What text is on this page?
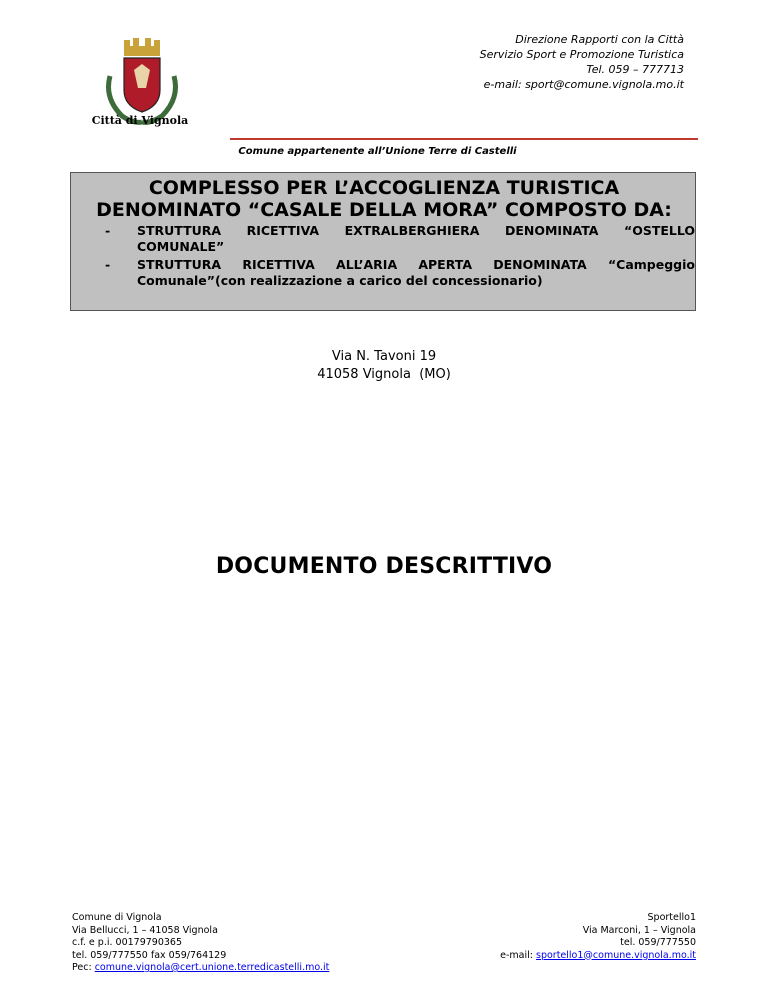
Città di Vignola
Direzione Rapporti con la Città
Servizio Sport e Promozione Turistica
Tel. 059 – 777713
e-mail: sport@comune.vignola.mo.it
Comune appartenente all’Unione Terre di Castelli
COMPLESSO PER L’ACCOGLIENZA TURISTICA
DENOMINATO “CASALE DELLA MORA” COMPOSTO DA:
-	STRUTTURA RICETTIVA EXTRALBERGHIERA DENOMINATA “OSTELLO COMUNALE”
-	STRUTTURA RICETTIVA ALL’ARIA APERTA DENOMINATA “Campeggio Comunale”(con realizzazione a carico del concessionario)
Via N. Tavoni 19
41058 Vignola  (MO)
DOCUMENTO DESCRITTIVO
Comune di Vignola
Via Bellucci, 1 – 41058 Vignola
c.f. e p.i. 00179790365
tel. 059/777550 fax 059/764129
Pec: comune.vignola@cert.unione.terredicastelli.mo.it
Sportello1
Via Marconi, 1 – Vignola
tel. 059/777550
e-mail: sportello1@comune.vignola.mo.it
